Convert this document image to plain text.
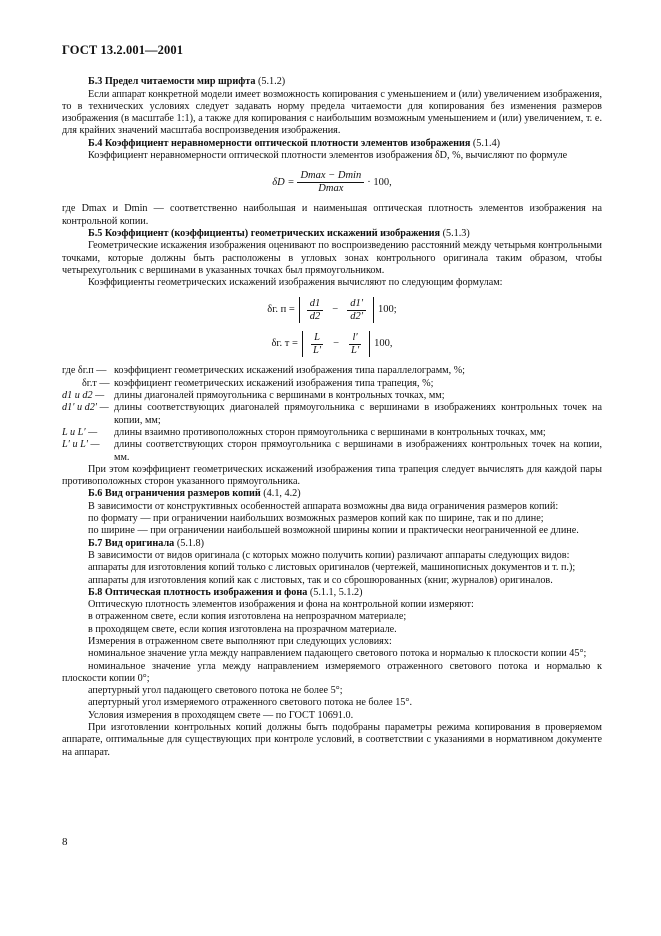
ГОСТ 13.2.001—2001

Б.3 Предел читаемости мир шрифта (5.1.2)

Если аппарат конкретной модели имеет возможность копирования с уменьшением и (или) увеличением изображения, то в технических условиях следует задавать норму предела читаемости для копирования без изменения размеров изображения (в масштабе 1:1), а также для копирования с наибольшим возможным уменьшением и (или) увеличением, т. е. для крайних значений масштаба воспроизведения изображения.

Б.4 Коэффициент неравномерности оптической плотности элементов изображения (5.1.4)

Коэффициент неравномерности оптической плотности элементов изображения δD, %, вычисляют по формуле

$\delta D = \frac{Dmax - Dmin}{Dmax} \cdot 100$,

где Dmax и Dmin — соответственно наибольшая и наименьшая оптическая плотность элементов изображения на контрольной копии.

Б.5 Коэффициент (коэффициенты) геометрических искажений изображения (5.1.3)

Геометрические искажения изображения оценивают по воспроизведению расстояний между четырьмя контрольными точками, которые должны быть расположены в угловых зонах контрольного оригинала таким образом, чтобы четырехугольник с вершинами в указанных точках был прямоугольником.

Коэффициенты геометрических искажений изображения вычисляют по следующим формулам:

δг. $п = \frac{d1}{d2} - \frac{d1'}{d2'} 100$;
δг. $т = \frac{L}{L'} - \frac{l'}{L'} 100$,
где δг.п — коэффициент геометрических искажений изображения типа параллелограмм, %;
δг.т — коэффициент геометрических искажений изображения типа трапеция, %;
d1 и d2 — длины диагоналей прямоугольника с вершинами в контрольных точках, мм;
d1′ и d2′ — длины соответствующих диагоналей прямоугольника с вершинами в изображениях контрольных точек на копии, мм;
L и L′ —	длины взаимно противоположных сторон прямоугольника с вершинами в контрольных точках, мм;
L′ и L′ —	длины соответствующих сторон прямоугольника с вершинами в изображениях контрольных точек на копии, мм.

При этом коэффициент геометрических искажений изображения типа трапеция следует вычислять для каждой пары противоположных сторон указанного прямоугольника.

Б.6 Вид ограничения размеров копий (4.1, 4.2)

В зависимости от конструктивных особенностей аппарата возможны два вида ограничения размеров копий:

по формату — при ограничении наибольших возможных размеров копий как по ширине, так и по длине;

по ширине — при ограничении наибольшей возможной ширины копии и практически неограниченной ее длине.

Б.7 Вид оригинала (5.1.8)

В зависимости от видов оригинала (с которых можно получить копии) различают аппараты следующих видов:

аппараты для изготовления копий только с листовых оригиналов (чертежей, машинописных документов и т. п.);

аппараты для изготовления копий как с листовых, так и со сброшюрованных (книг, журналов) оригиналов.

Б.8 Оптическая плотность изображения и фона (5.1.1, 5.1.2)

Оптическую плотность элементов изображения и фона на контрольной копии измеряют:

в отраженном свете, если копия изготовлена на непрозрачном материале;

в проходящем свете, если копия изготовлена на прозрачном материале.

Измерения в отраженном свете выполняют при следующих условиях:

номинальное значение угла между направлением падающего светового потока и нормалью к плоскости копии 45°;

номинальное значение угла между направлением измеряемого отраженного светового потока и нормалью к плоскости копии 0°;

апертурный угол падающего светового потока не более 5°;

апертурный угол измеряемого отраженного светового потока не более 15°.

Условия измерения в проходящем свете — по ГОСТ 10691.0.

При изготовлении контрольных копий должны быть подобраны параметры режима копирования в проверяемом аппарате, оптимальные для существующих при контроле условий, в соответствии с указаниями в нормативном документе на аппарат.

8
